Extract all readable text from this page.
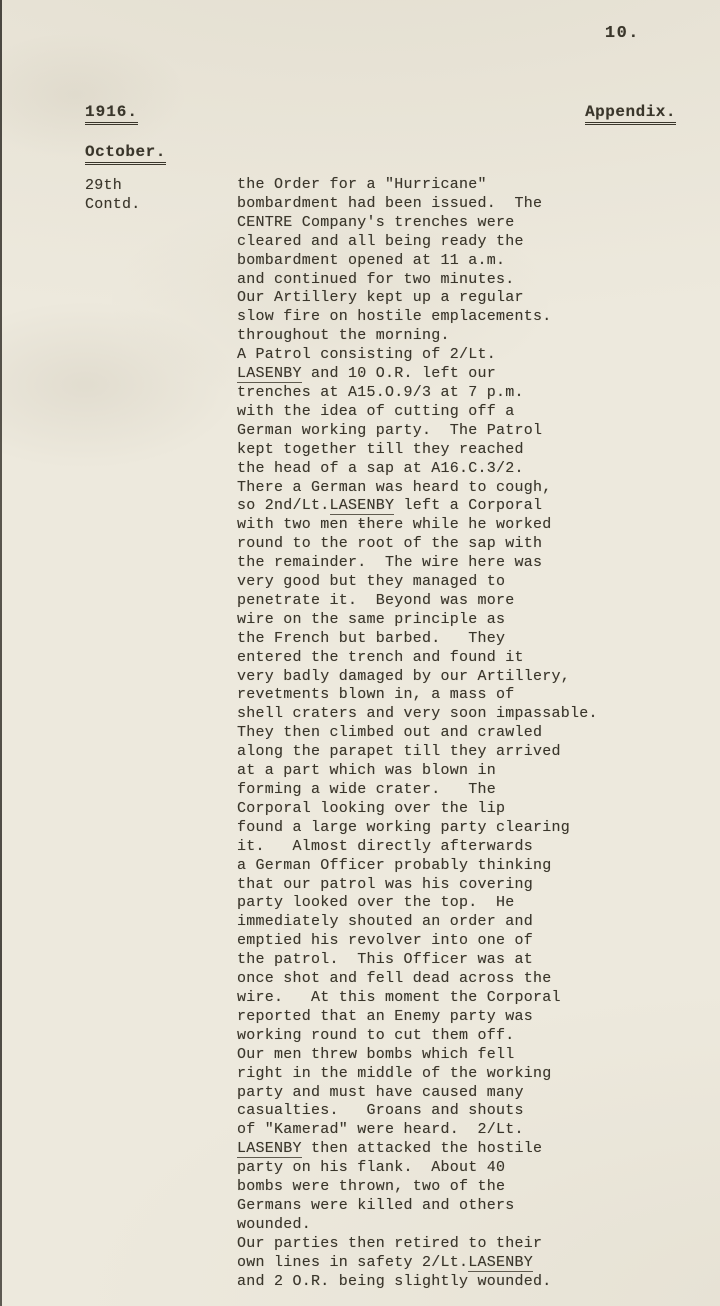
10.
1916.	Appendix.
October.
29th
Contd.
the Order for a "Hurricane"
bombardment had been issued.  The
CENTRE Company's trenches were
cleared and all being ready the
bombardment opened at 11 a.m.
and continued for two minutes.
Our Artillery kept up a regular
slow fire on hostile emplacements.
throughout the morning.
A Patrol consisting of 2/Lt.
LASENBY and 10 O.R. left our
trenches at A15.O.9/3 at 7 p.m.
with the idea of cutting off a
German working party.  The Patrol
kept together till they reached
the head of a sap at A16.C.3/2.
There a German was heard to cough,
so 2nd/Lt.LASENBY left a Corporal
with two men ŧhere while he worked
round to the root of the sap with
the remainder.  The wire here was
very good but they managed to
penetrate it.  Beyond was more
wire on the same principle as
the French but barbed.   They
entered the trench and found it
very badly damaged by our Artillery,
revetments blown in, a mass of
shell craters and very soon impassable.
They then climbed out and crawled
along the parapet till they arrived
at a part which was blown in
forming a wide crater.   The
Corporal looking over the lip
found a large working party clearing
it.   Almost directly afterwards
a German Officer probably thinking
that our patrol was his covering
party looked over the top.  He
immediately shouted an order and
emptied his revolver into one of
the patrol.  This Officer was at
once shot and fell dead across the
wire.   At this moment the Corporal
reported that an Enemy party was
working round to cut them off.
Our men threw bombs which fell
right in the middle of the working
party and must have caused many
casualties.   Groans and shouts
of "Kamerad" were heard.  2/Lt.
LASENBY then attacked the hostile
party on his flank.  About 40
bombs were thrown, two of the
Germans were killed and others
wounded.
Our parties then retired to their
own lines in safety 2/Lt.LASENBY
and 2 O.R. being slightly wounded.
